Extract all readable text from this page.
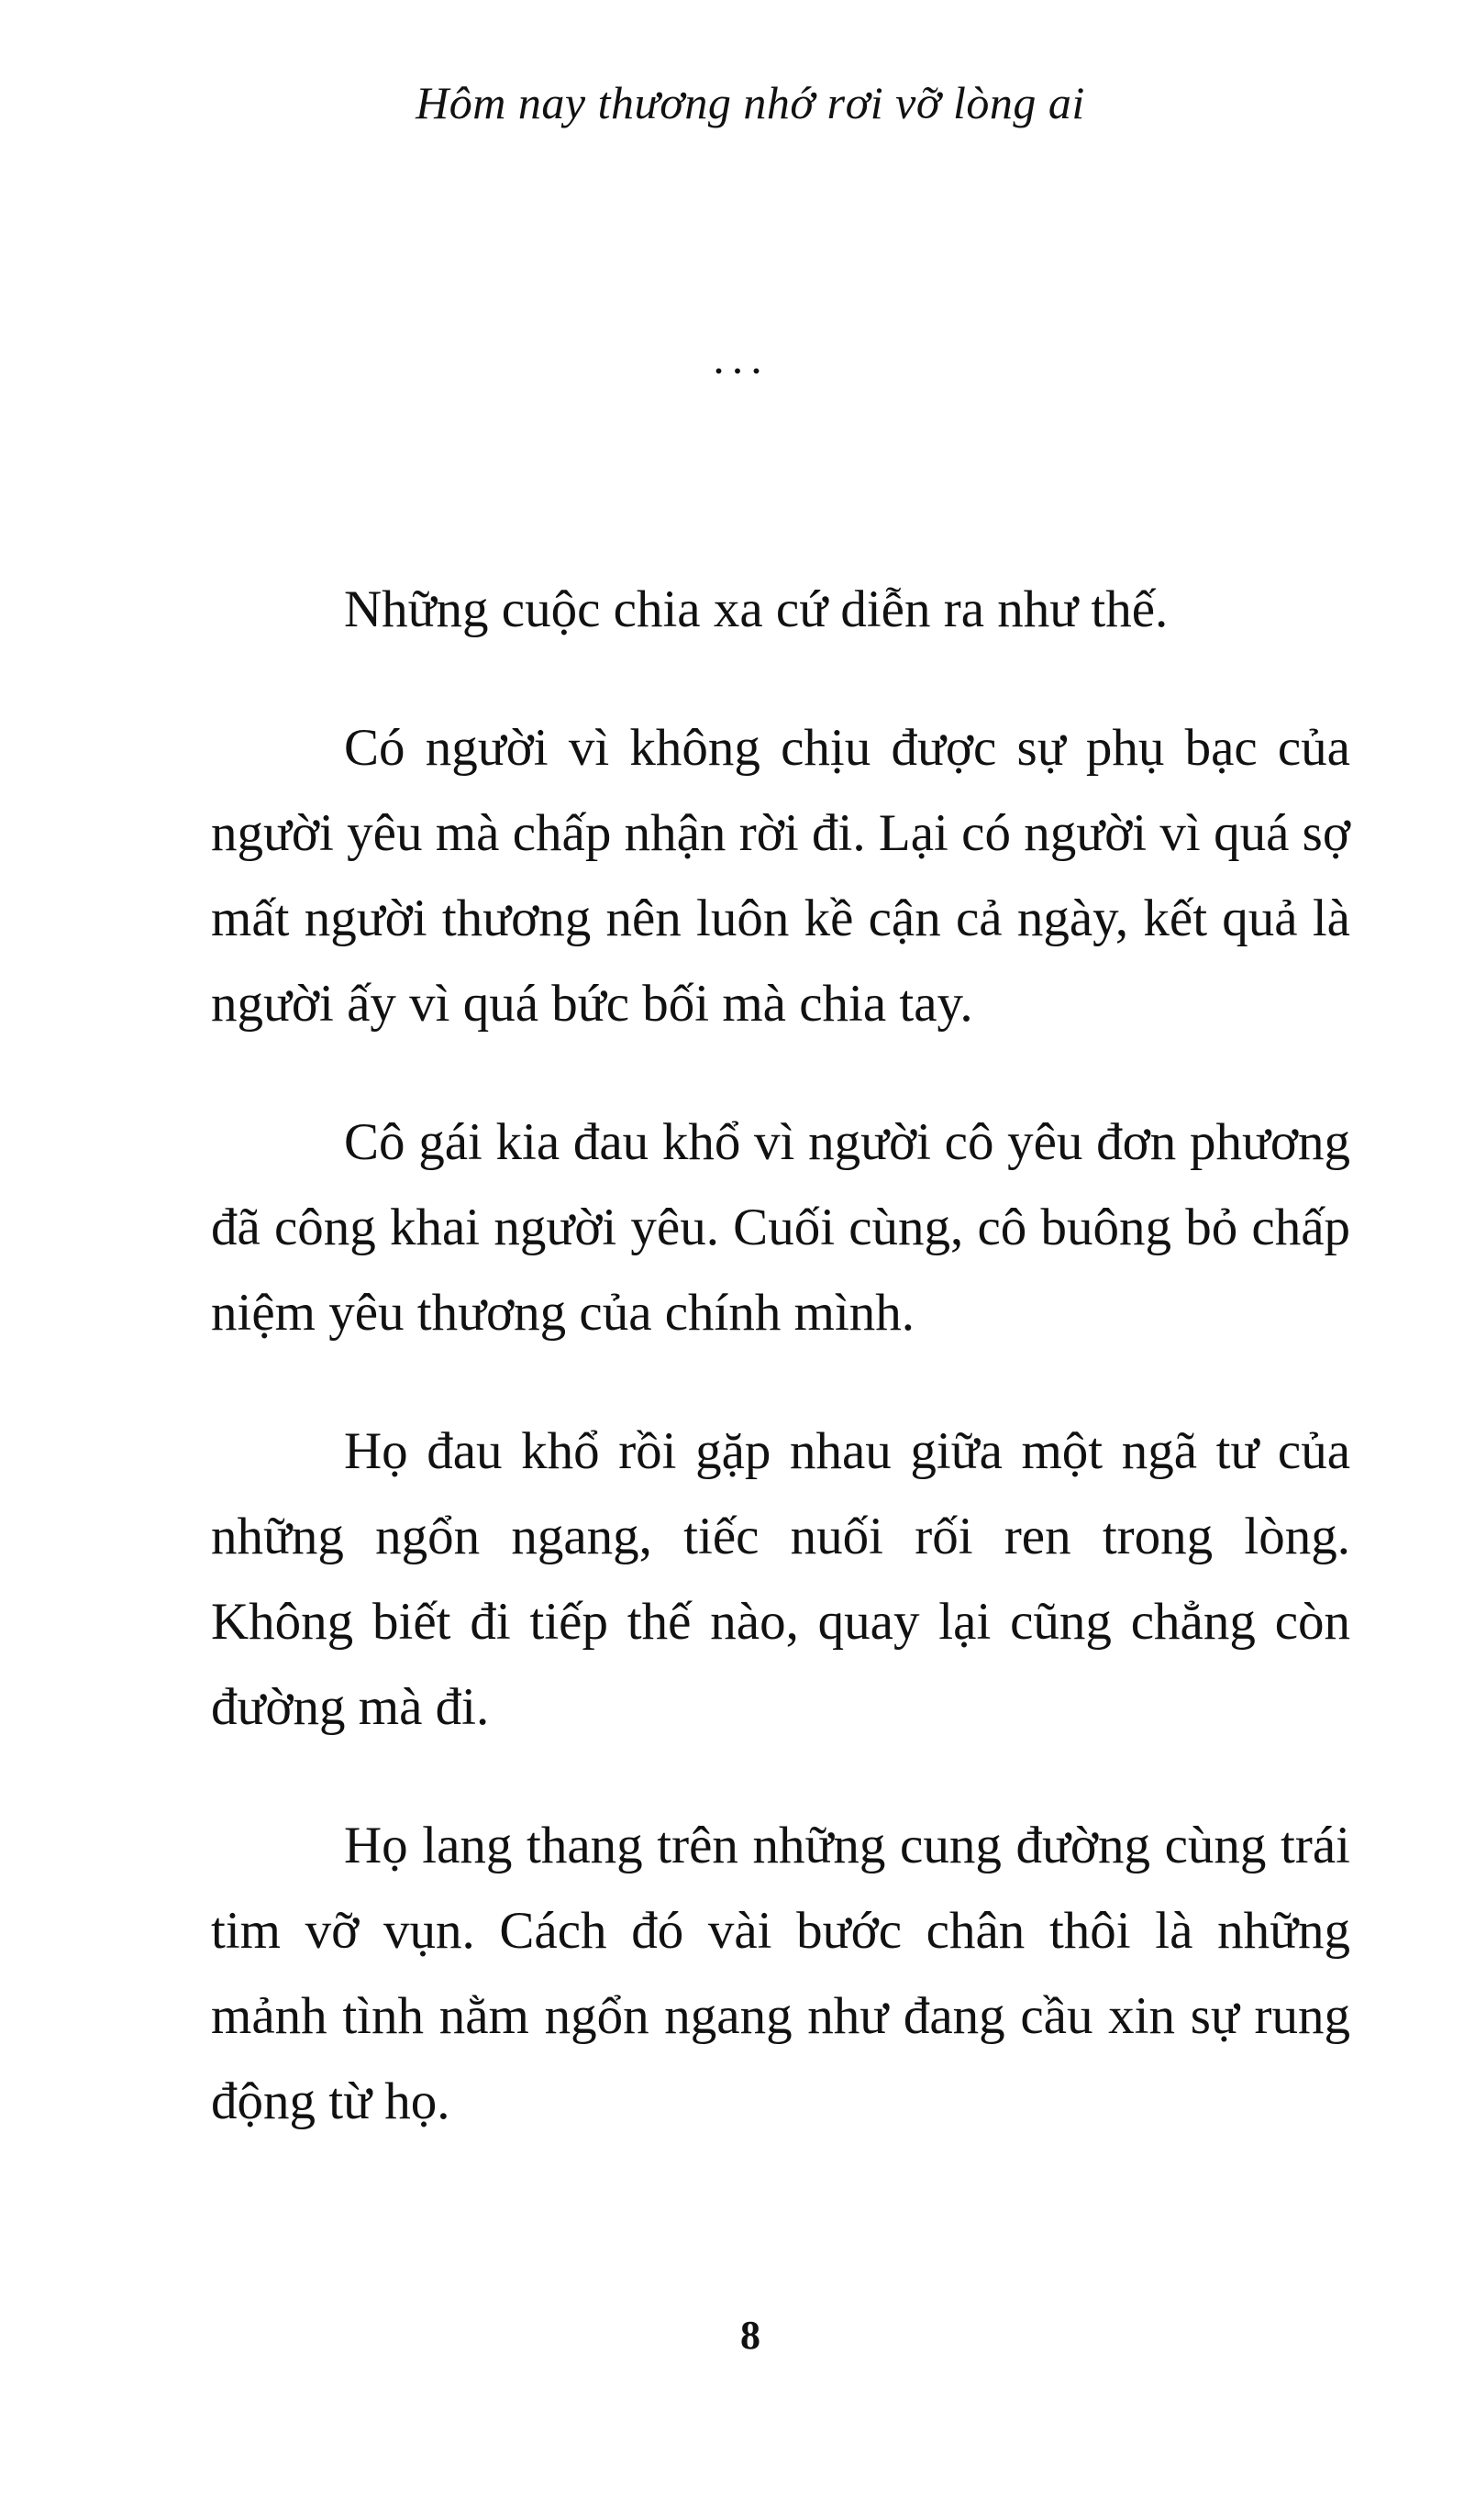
Hôm nay thương nhớ rơi vỡ lòng ai
...

Những cuộc chia xa cứ diễn ra như thế.

Có người vì không chịu được sự phụ bạc của người yêu mà chấp nhận rời đi. Lại có người vì quá sợ mất người thương nên luôn kề cận cả ngày, kết quả là người ấy vì quá bức bối mà chia tay.

Cô gái kia đau khổ vì người cô yêu đơn phương đã công khai người yêu. Cuối cùng, cô buông bỏ chấp niệm yêu thương của chính mình.

Họ đau khổ rồi gặp nhau giữa một ngã tư của những ngổn ngang, tiếc nuối rối ren trong lòng. Không biết đi tiếp thế nào, quay lại cũng chẳng còn đường mà đi.

Họ lang thang trên những cung đường cùng trái tim vỡ vụn. Cách đó vài bước chân thôi là những mảnh tình nằm ngổn ngang như đang cầu xin sự rung động từ họ.

8
